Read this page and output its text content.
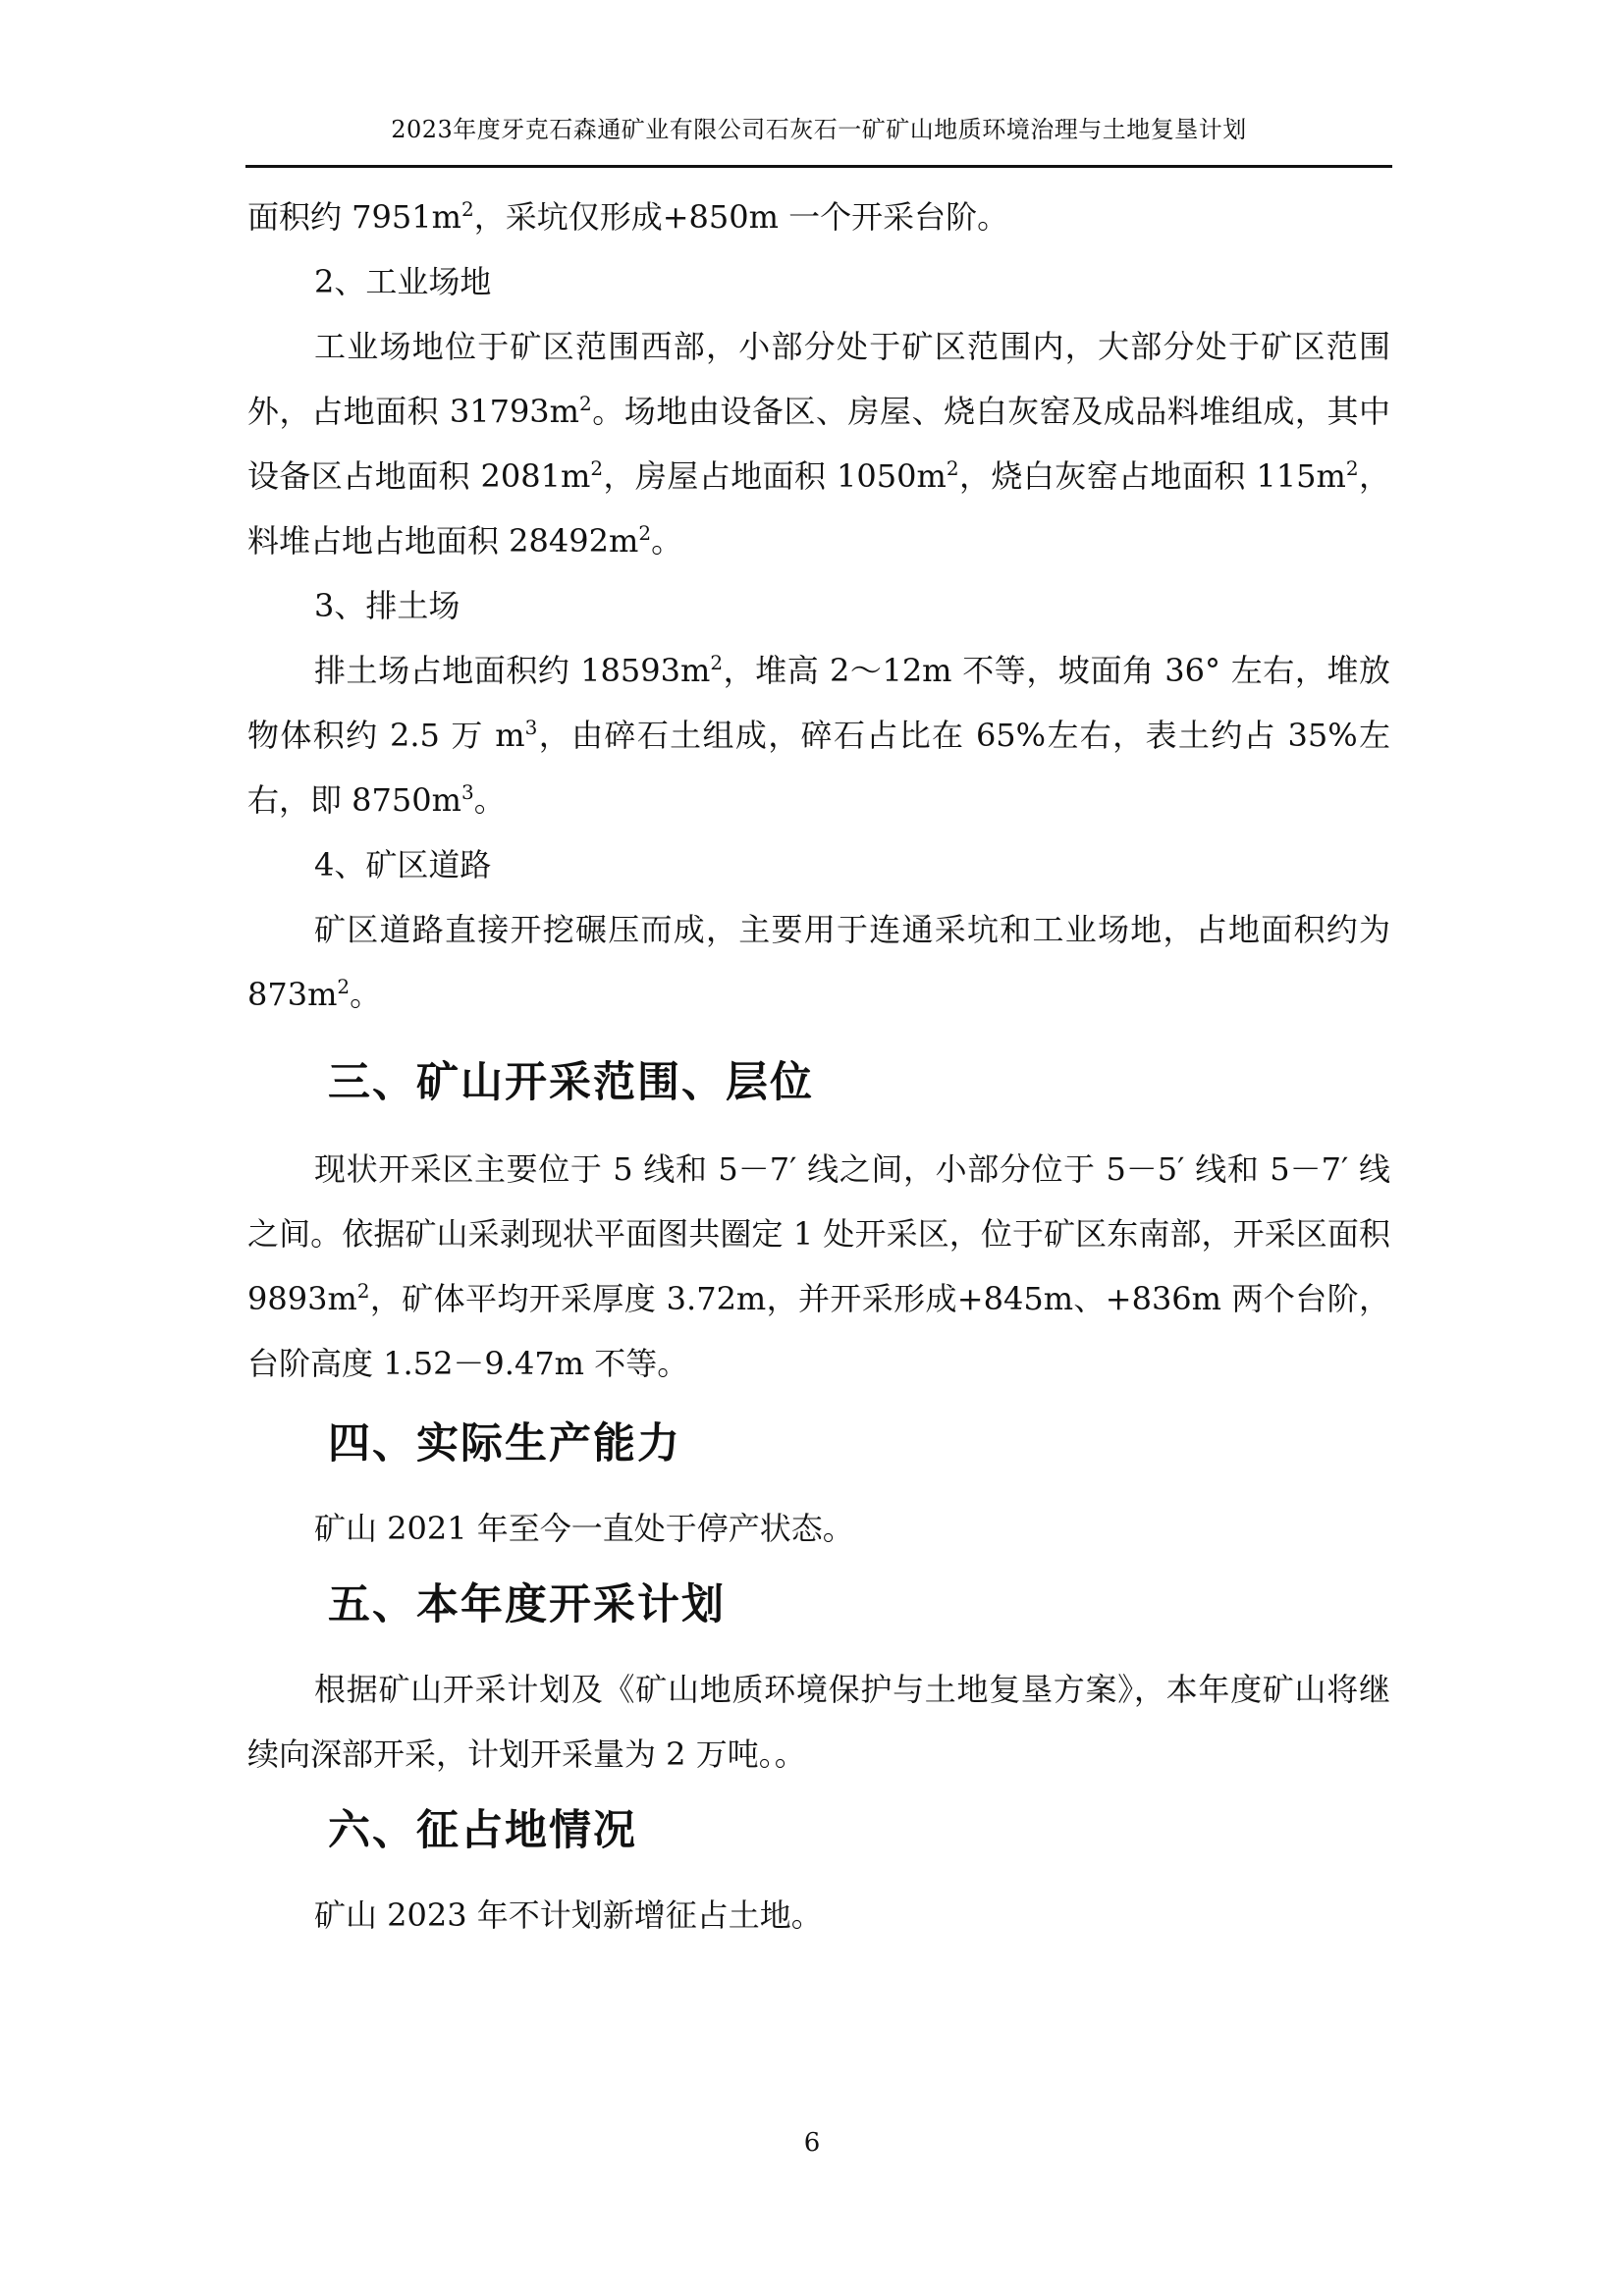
2023年度牙克石森通矿业有限公司石灰石一矿矿山地质环境治理与土地复垦计划

面积约 $7951m^2$，采坑仅形成+850m 一个开采台阶。

2、工业场地

工业场地位于矿区范围西部，小部分处于矿区范围内，大部分处于矿区范围外，占地面积 $31793m^2$。场地由设备区、房屋、烧白灰窑及成品料堆组成，其中设备区占地面积 $2081m^2$，房屋占地面积 $1050m^2$，烧白灰窑占地面积 $115m^2$，料堆占地占地面积 $28492m^2$。

3、排土场

排土场占地面积约 $18593m^2$，堆高 2～12m 不等，坡面角 36° 左右，堆放物体积约 2.5 万 $m^3$，由碎石土组成，碎石占比在 65%左右，表土约占 35%左右，即 $8750m^3$。

4、矿区道路

矿区道路直接开挖碾压而成，主要用于连通采坑和工业场地，占地面积约为 $873m^2$。

三、矿山开采范围、层位

现状开采区主要位于 5 线和 5－7′ 线之间，小部分位于 5－5′ 线和 5－7′ 线之间。依据矿山采剥现状平面图共圈定 1 处开采区，位于矿区东南部，开采区面积 $9893m^2$，矿体平均开采厚度 3.72m，并开采形成+845m、+836m 两个台阶，台阶高度 1.52－9.47m 不等。

四、实际生产能力

矿山 2021 年至今一直处于停产状态。

五、本年度开采计划

根据矿山开采计划及《矿山地质环境保护与土地复垦方案》，本年度矿山将继续向深部开采，计划开采量为 2 万吨。。

六、征占地情况

矿山 2023 年不计划新增征占土地。

6
